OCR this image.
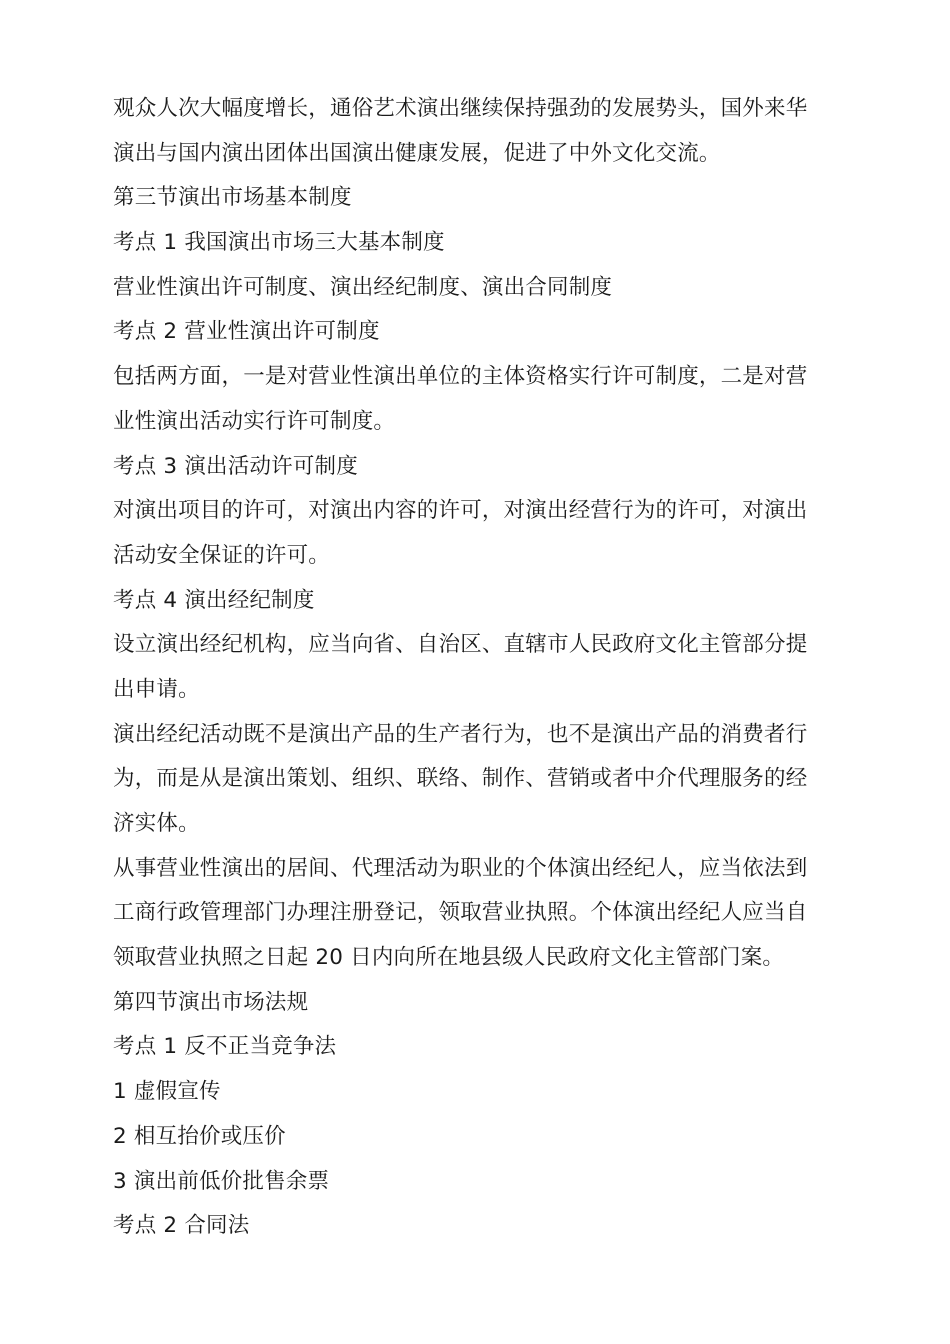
观众人次大幅度增长，通俗艺术演出继续保持强劲的发展势头，国外来华
演出与国内演出团体出国演出健康发展，促进了中外文化交流。
第三节演出市场基本制度
考点 1 我国演出市场三大基本制度
营业性演出许可制度、演出经纪制度、演出合同制度
考点 2 营业性演出许可制度
包括两方面，一是对营业性演出单位的主体资格实行许可制度，二是对营
业性演出活动实行许可制度。
考点 3 演出活动许可制度
对演出项目的许可，对演出内容的许可，对演出经营行为的许可，对演出
活动安全保证的许可。
考点 4 演出经纪制度
设立演出经纪机构，应当向省、自治区、直辖市人民政府文化主管部分提
出申请。
演出经纪活动既不是演出产品的生产者行为，也不是演出产品的消费者行
为，而是从是演出策划、组织、联络、制作、营销或者中介代理服务的经
济实体。
从事营业性演出的居间、代理活动为职业的个体演出经纪人，应当依法到
工商行政管理部门办理注册登记，领取营业执照。个体演出经纪人应当自
领取营业执照之日起 20 日内向所在地县级人民政府文化主管部门案。
第四节演出市场法规
考点 1 反不正当竞争法
1 虚假宣传
2 相互抬价或压价
3 演出前低价批售余票
考点 2 合同法
